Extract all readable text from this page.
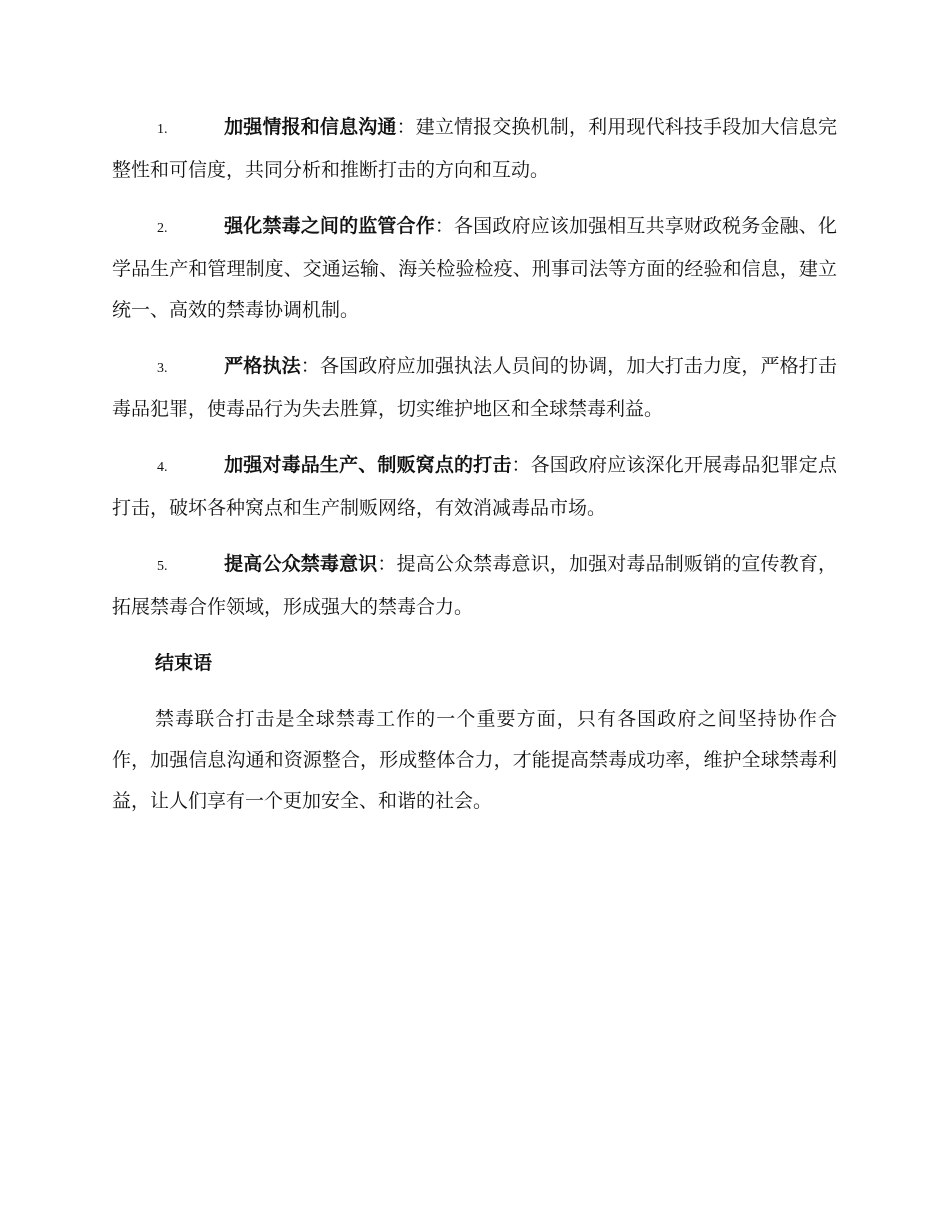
1.	加强情报和信息沟通：建立情报交换机制，利用现代科技手段加大信息完整性和可信度，共同分析和推断打击的方向和互动。

2.	强化禁毒之间的监管合作：各国政府应该加强相互共享财政税务金融、化学品生产和管理制度、交通运输、海关检验检疫、刑事司法等方面的经验和信息，建立统一、高效的禁毒协调机制。

3.	严格执法：各国政府应加强执法人员间的协调，加大打击力度，严格打击毒品犯罪，使毒品行为失去胜算，切实维护地区和全球禁毒利益。

4.	加强对毒品生产、制贩窝点的打击：各国政府应该深化开展毒品犯罪定点打击，破坏各种窝点和生产制贩网络，有效消减毒品市场。

5.	提高公众禁毒意识：提高公众禁毒意识，加强对毒品制贩销的宣传教育，拓展禁毒合作领域，形成强大的禁毒合力。

结束语

禁毒联合打击是全球禁毒工作的一个重要方面，只有各国政府之间坚持协作合作，加强信息沟通和资源整合，形成整体合力，才能提高禁毒成功率，维护全球禁毒利益，让人们享有一个更加安全、和谐的社会。
